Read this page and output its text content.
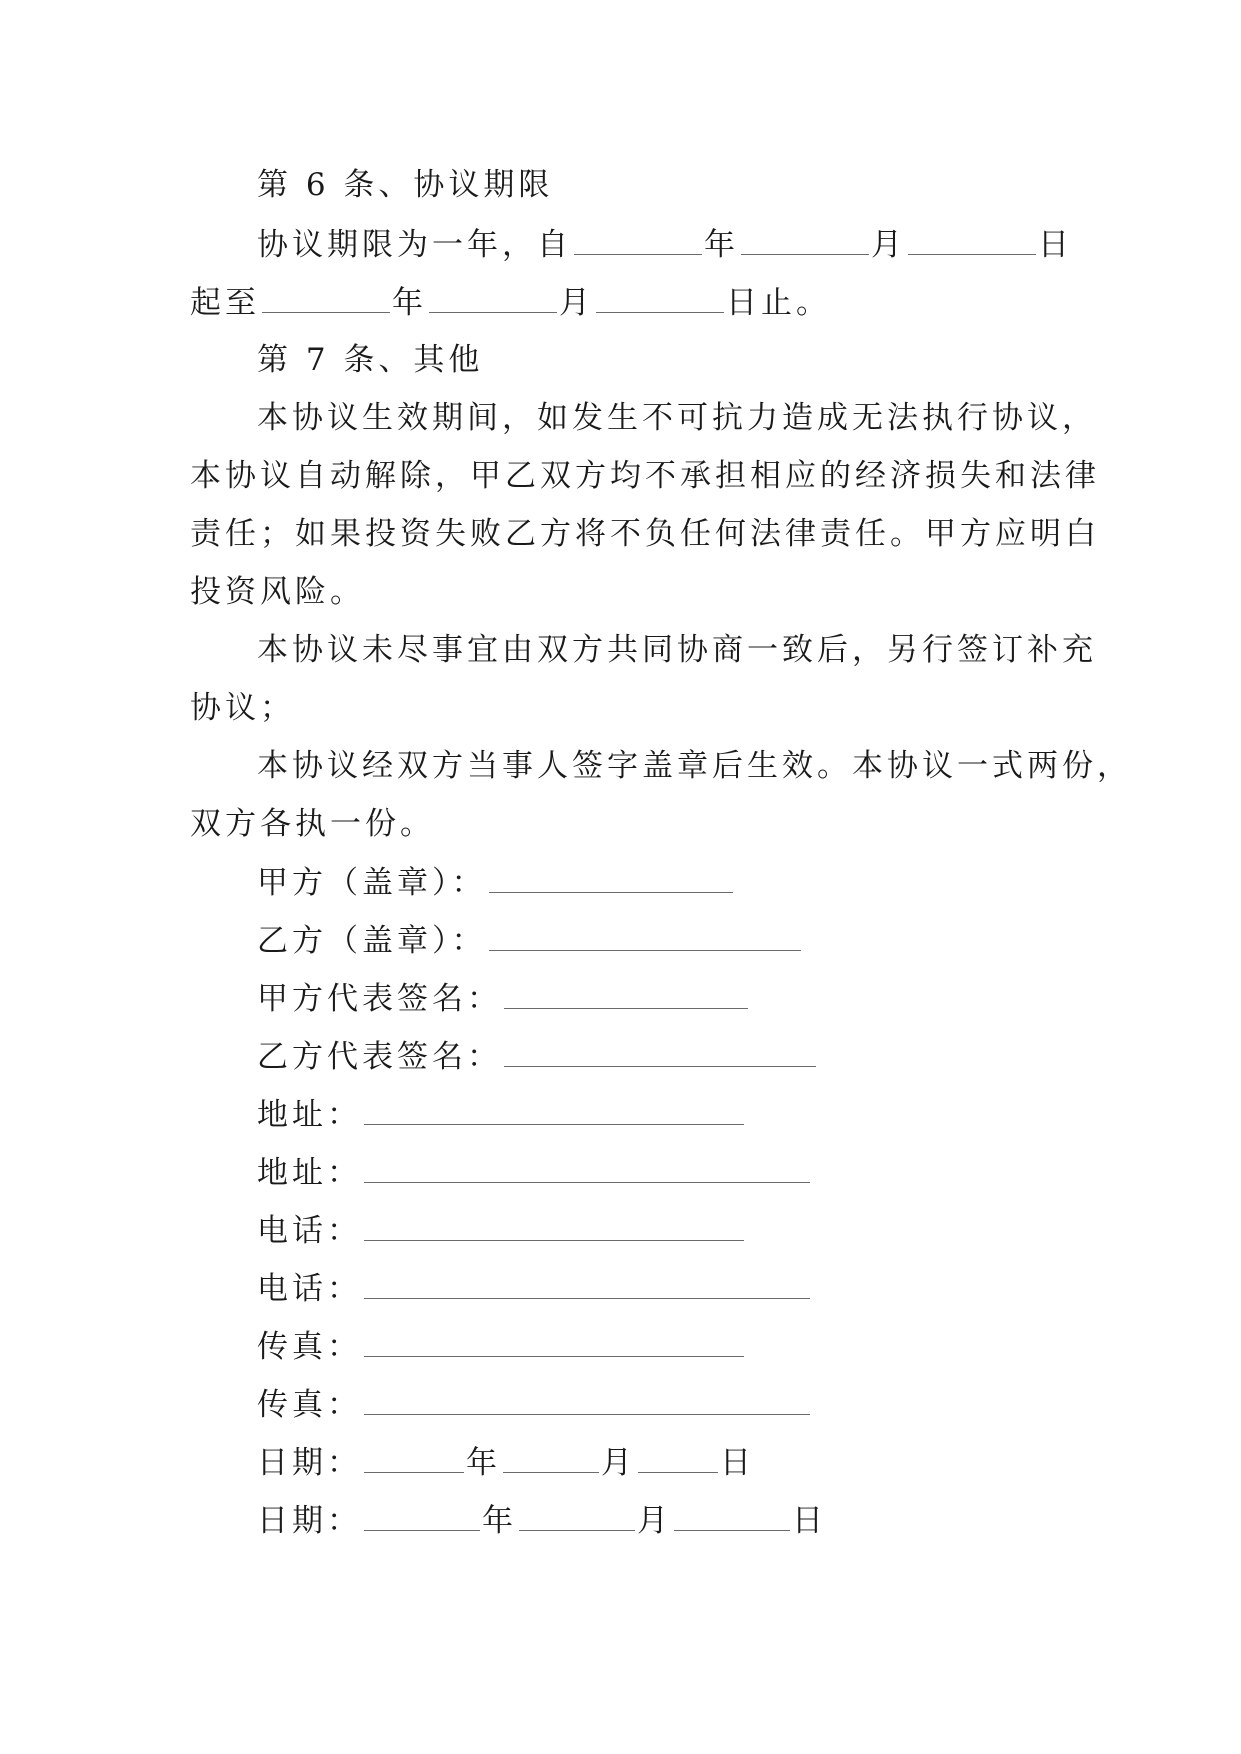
第 6 条、协议期限
协议期限为一年，自	年	月	日
起至	年	月	日止。
第 7 条、其他
本协议生效期间，如发生不可抗力造成无法执行协议，
本协议自动解除，甲乙双方均不承担相应的经济损失和法律
责任；如果投资失败乙方将不负任何法律责任。甲方应明白
投资风险。
本协议未尽事宜由双方共同协商一致后，另行签订补充
协议；
本协议经双方当事人签字盖章后生效。本协议一式两份，
双方各执一份。
甲方（盖章）：
乙方（盖章）：
甲方代表签名：
乙方代表签名：
地址：
地址：
电话：
电话：
传真：
传真：
日期：	年	月	日
日期：	年	月	日
